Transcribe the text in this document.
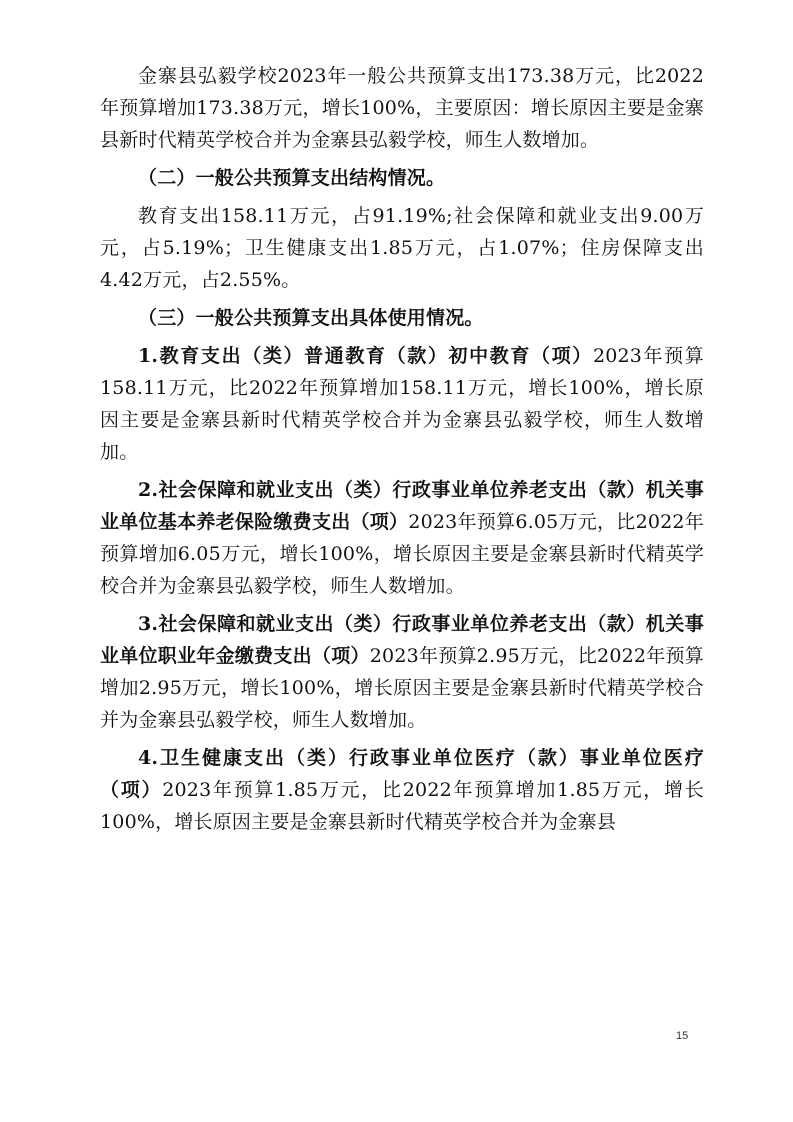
金寨县弘毅学校2023年一般公共预算支出173.38万元，比2022年预算增加173.38万元，增长100%，主要原因：增长原因主要是金寨县新时代精英学校合并为金寨县弘毅学校，师生人数增加。

（二）一般公共预算支出结构情况。

教育支出158.11万元，占91.19%;社会保障和就业支出9.00万元，占5.19%；卫生健康支出1.85万元，占1.07%；住房保障支出4.42万元，占2.55%。

（三）一般公共预算支出具体使用情况。

1.教育支出（类）普通教育（款）初中教育（项）2023年预算158.11万元，比2022年预算增加158.11万元，增长100%，增长原因主要是金寨县新时代精英学校合并为金寨县弘毅学校，师生人数增加。

2.社会保障和就业支出（类）行政事业单位养老支出（款）机关事业单位基本养老保险缴费支出（项）2023年预算6.05万元，比2022年预算增加6.05万元，增长100%，增长原因主要是金寨县新时代精英学校合并为金寨县弘毅学校，师生人数增加。

3.社会保障和就业支出（类）行政事业单位养老支出（款）机关事业单位职业年金缴费支出（项）2023年预算2.95万元，比2022年预算增加2.95万元，增长100%，增长原因主要是金寨县新时代精英学校合并为金寨县弘毅学校，师生人数增加。

4.卫生健康支出（类）行政事业单位医疗（款）事业单位医疗（项）2023年预算1.85万元，比2022年预算增加1.85万元，增长100%，增长原因主要是金寨县新时代精英学校合并为金寨县

15
